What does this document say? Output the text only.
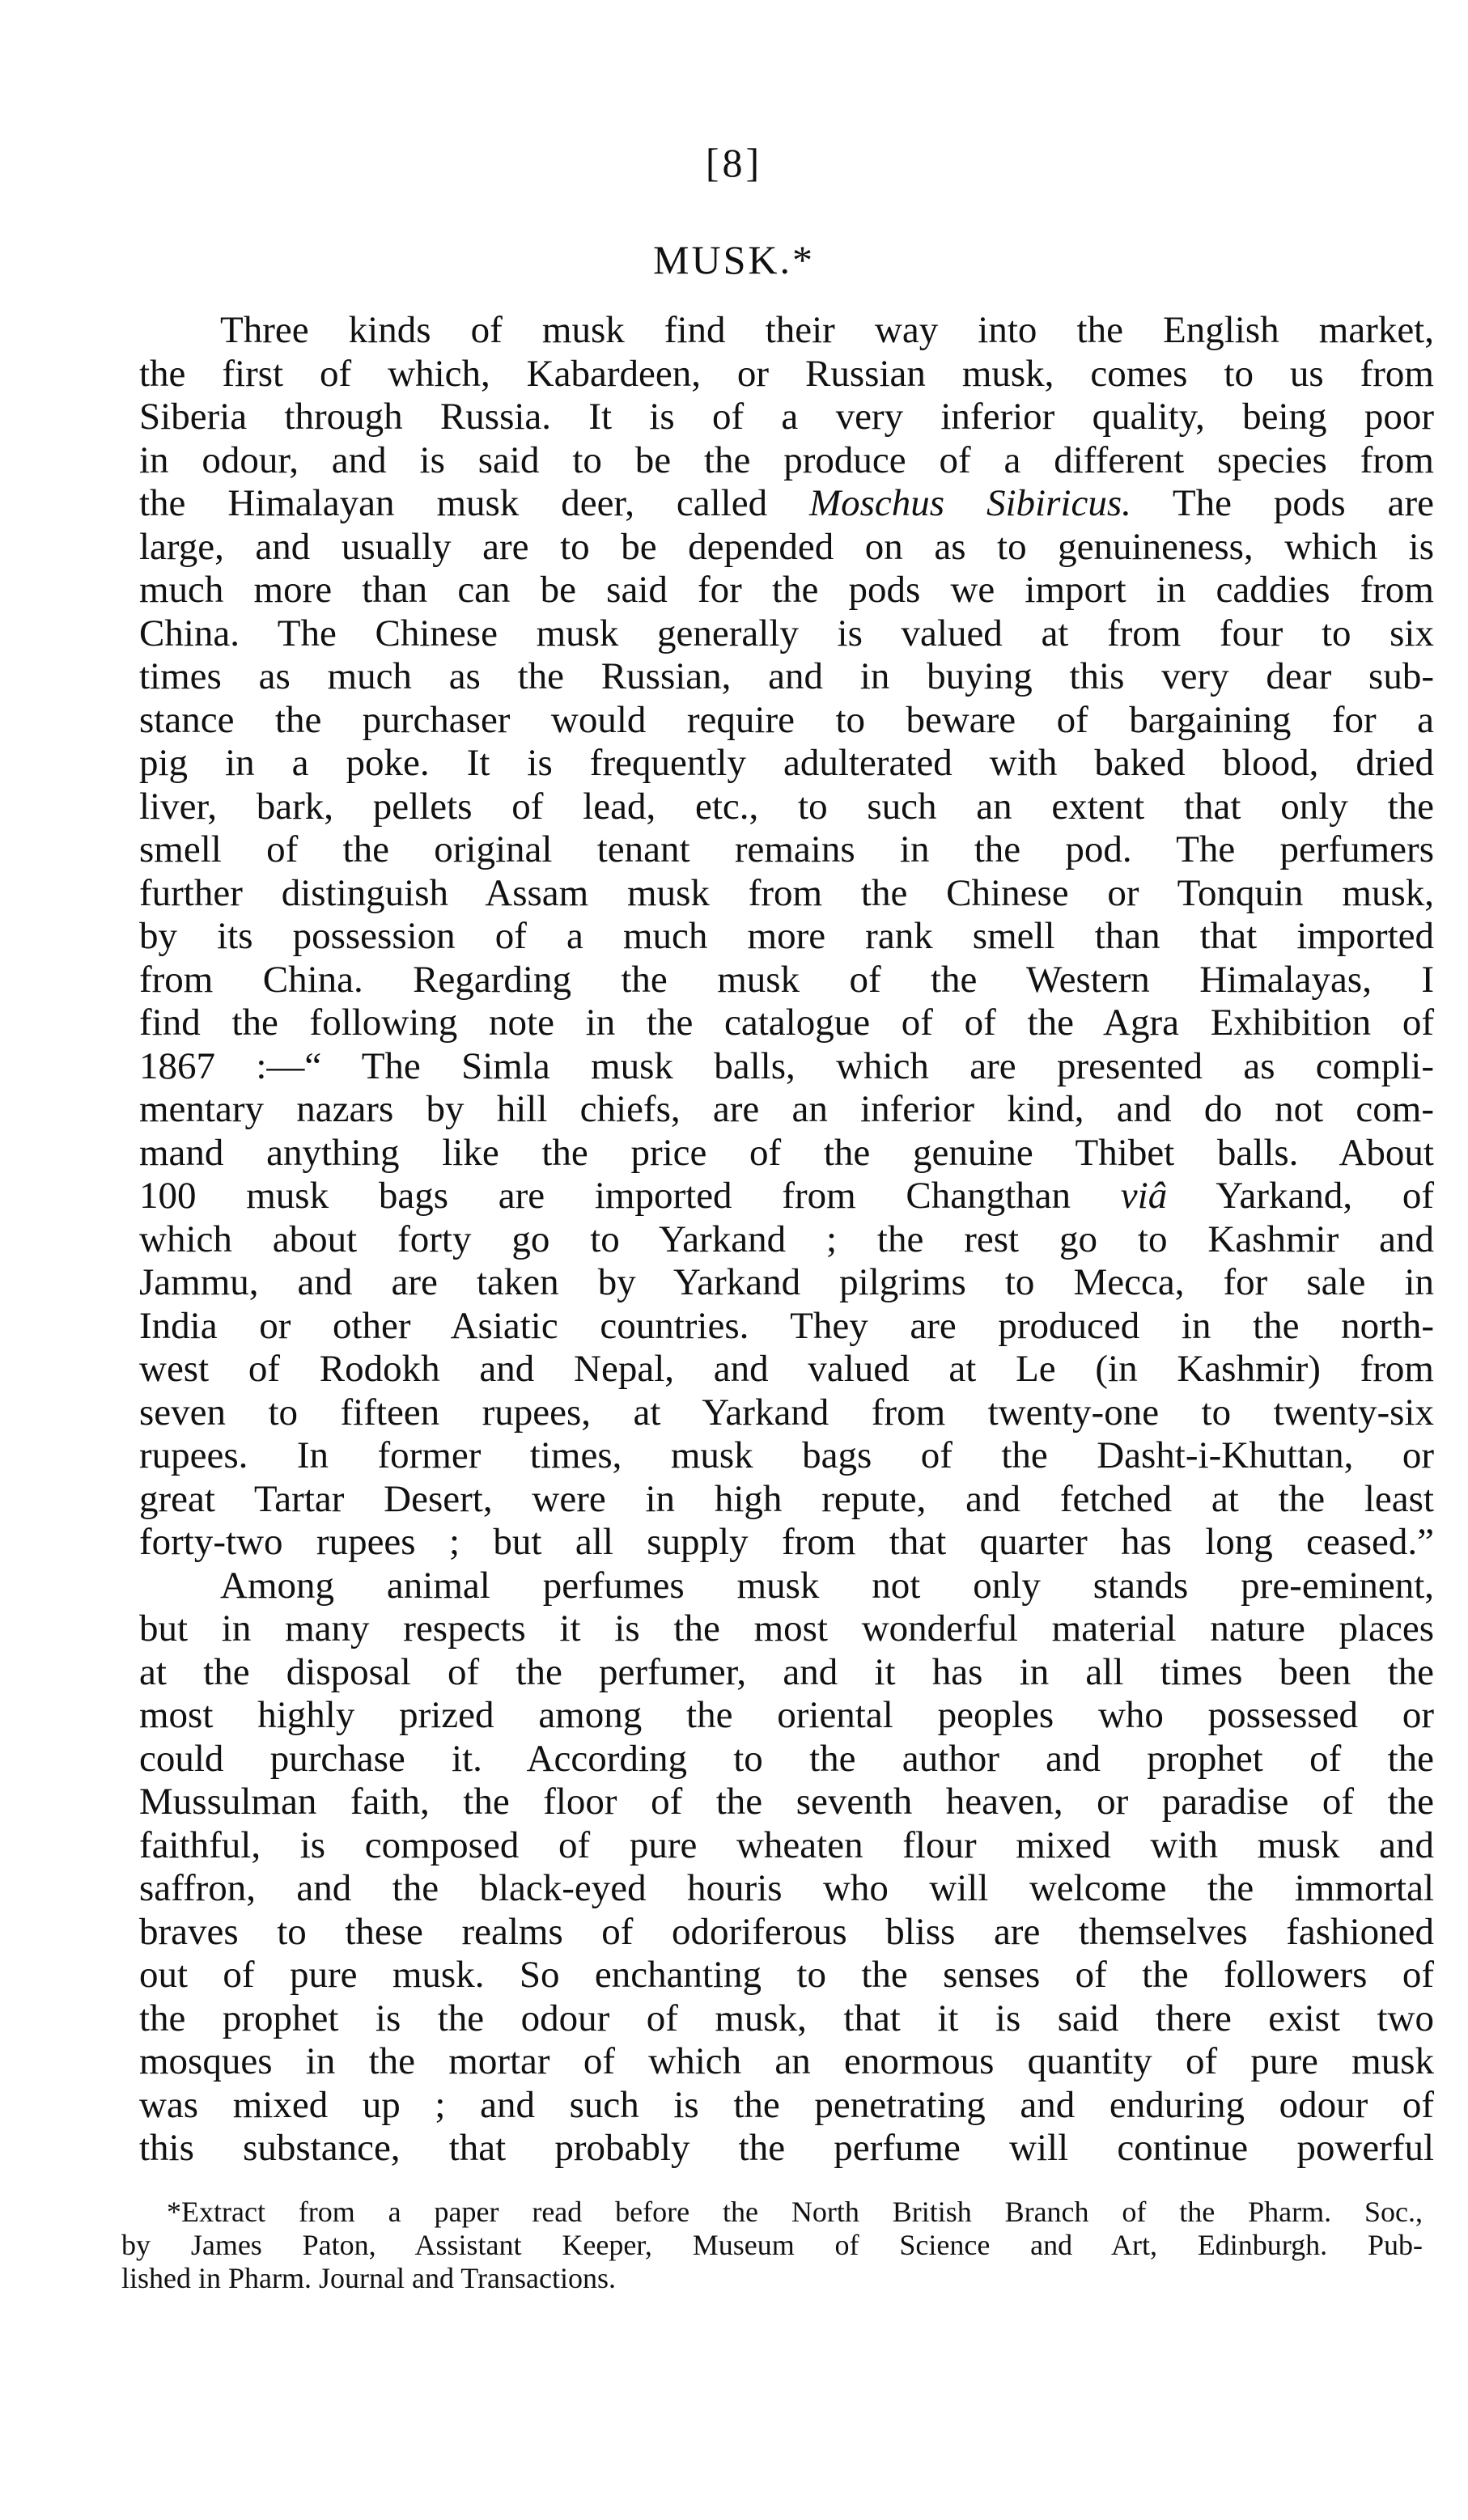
[8]
MUSK.*
Three kinds of musk find their way into the English market,
the first of which, Kabardeen, or Russian musk, comes to us from
Siberia through Russia. It is of a very inferior quality, being poor
in odour, and is said to be the produce of a different species from
the Himalayan musk deer, called Moschus Sibiricus. The pods are
large, and usually are to be depended on as to genuineness, which is
much more than can be said for the pods we import in caddies from
China. The Chinese musk generally is valued at from four to six
times as much as the Russian, and in buying this very dear sub-
stance the purchaser would require to beware of bargaining for a
pig in a poke. It is frequently adulterated with baked blood, dried
liver, bark, pellets of lead, etc., to such an extent that only the
smell of the original tenant remains in the pod. The perfumers
further distinguish Assam musk from the Chinese or Tonquin musk,
by its possession of a much more rank smell than that imported
from China. Regarding the musk of the Western Himalayas, I
find the following note in the catalogue of of the Agra Exhibition of
1867 :—“ The Simla musk balls, which are presented as compli-
mentary nazars by hill chiefs, are an inferior kind, and do not com-
mand anything like the price of the genuine Thibet balls. About
100 musk bags are imported from Changthan viâ Yarkand, of
which about forty go to Yarkand ; the rest go to Kashmir and
Jammu, and are taken by Yarkand pilgrims to Mecca, for sale in
India or other Asiatic countries. They are produced in the north-
west of Rodokh and Nepal, and valued at Le (in Kashmir) from
seven to fifteen rupees, at Yarkand from twenty-one to twenty-six
rupees. In former times, musk bags of the Dasht-i-Khuttan, or
great Tartar Desert, were in high repute, and fetched at the least
forty-two rupees ; but all supply from that quarter has long ceased.”
Among animal perfumes musk not only stands pre-eminent,
but in many respects it is the most wonderful material nature places
at the disposal of the perfumer, and it has in all times been the
most highly prized among the oriental peoples who possessed or
could purchase it. According to the author and prophet of the
Mussulman faith, the floor of the seventh heaven, or paradise of the
faithful, is composed of pure wheaten flour mixed with musk and
saffron, and the black-eyed houris who will welcome the immortal
braves to these realms of odoriferous bliss are themselves fashioned
out of pure musk. So enchanting to the senses of the followers of
the prophet is the odour of musk, that it is said there exist two
mosques in the mortar of which an enormous quantity of pure musk
was mixed up ; and such is the penetrating and enduring odour of
this substance, that probably the perfume will continue powerful
*Extract from a paper read before the North British Branch of the Pharm. Soc.,
by James Paton, Assistant Keeper, Museum of Science and Art, Edinburgh. Pub-
lished in Pharm. Journal and Transactions.
